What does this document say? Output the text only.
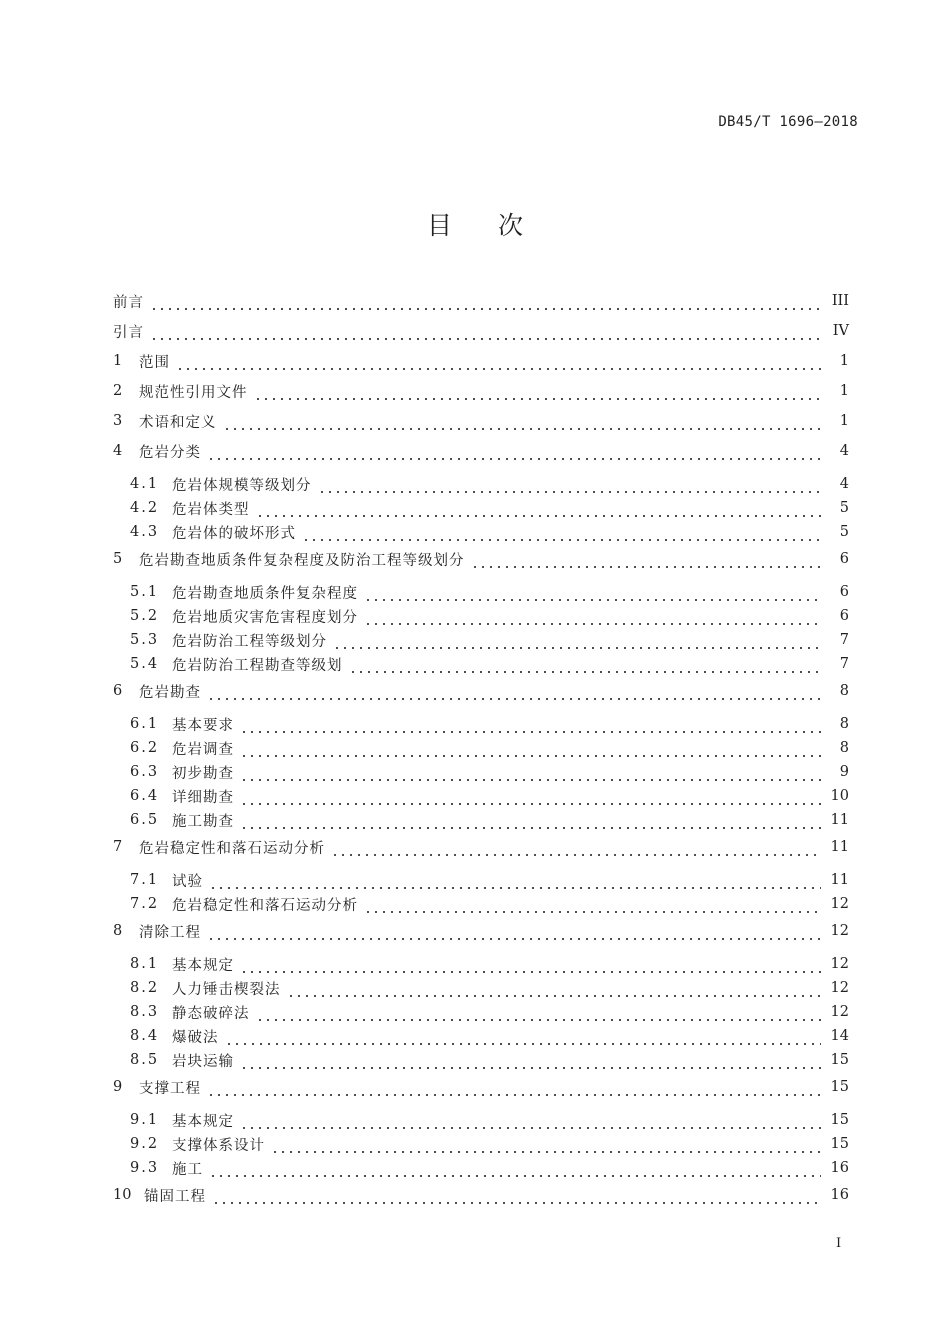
DB45/T 1696—2018
目次
前言	III
引言	IV
1	范围	1
2	规范性引用文件	1
3	术语和定义	1
4	危岩分类	4
4.1 危岩体规模等级划分	4
4.2 危岩体类型	5
4.3 危岩体的破坏形式	5
5	危岩勘查地质条件复杂程度及防治工程等级划分	6
5.1 危岩勘查地质条件复杂程度	6
5.2 危岩地质灾害危害程度划分	6
5.3 危岩防治工程等级划分	7
5.4 危岩防治工程勘查等级划	7
6	危岩勘查	8
6.1 基本要求	8
6.2 危岩调查	8
6.3 初步勘查	9
6.4 详细勘查	10
6.5 施工勘查	11
7	危岩稳定性和落石运动分析	11
7.1 试验	11
7.2 危岩稳定性和落石运动分析	12
8	清除工程	12
8.1 基本规定	12
8.2 人力锤击楔裂法	12
8.3 静态破碎法	12
8.4 爆破法	14
8.5 岩块运输	15
9	支撑工程	15
9.1 基本规定	15
9.2 支撑体系设计	15
9.3 施工	16
10 锚固工程	16
I
